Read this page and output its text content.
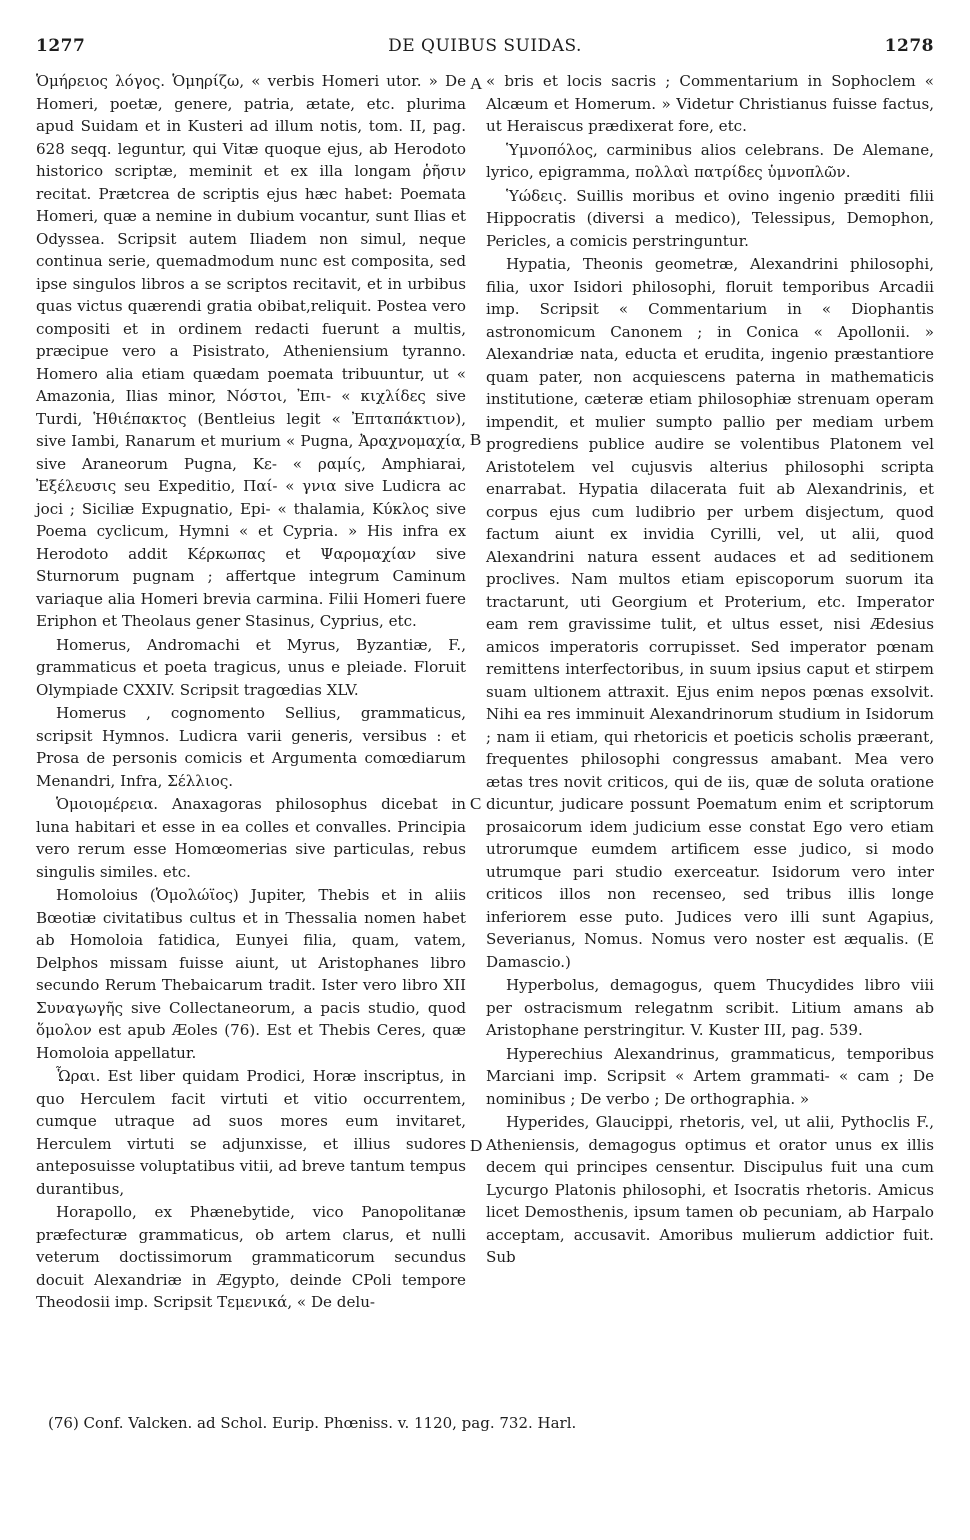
1277	DE QUIBUS SUIDAS.	1278

Ὁμήρειος λόγος. Ὁμηρίζω, « verbis Homeri utor. » De Homeri, poetæ, genere, patria, ætate, etc. plurima apud Suidam et in Kusteri ad illum notis, tom. II, pag. 628 seqq. leguntur, qui Vitæ quoque ejus, ab Herodoto historico scriptæ, meminit et ex illa longam ῥῆσιν recitat. Prætcrea de scriptis ejus hæc habet: Poemata Homeri, quæ a nemine in dubium vocantur, sunt Ilias et Odyssea. Scripsit autem Iliadem non simul, neque continua serie, quemadmodum nunc est composita, sed ipse singulos libros a se scriptos recitavit, et in urbibus quas victus quærendi gratia obibat,reliquit. Postea vero compositi et in ordinem redacti fuerunt a multis, præcipue vero a Pisistrato, Atheniensium tyranno. Homero alia etiam quædam poemata tribuuntur, ut « Amazonia, Ilias minor, Νόστοι, Ἐπι- « κιχλίδες sive Turdi, Ἡθιέπακτος (Bentleius legit « Ἐπταπάκτιον), sive Iambi, Ranarum et murium « Pugna, Ἀραχνομαχία, sive Araneorum Pugna, Κε- « ραμίς, Amphiarai, Ἐξέλευσις seu Expeditio, Παί- « γνια sive Ludicra ac joci ; Siciliæ Expugnatio, Epi- « thalamia, Κύκλος sive Poema cyclicum, Hymni « et Cypria. » His infra ex Herodoto addit Κέρκωπας et Ψαρομαχίαν sive Sturnorum pugnam ; affertque integrum Caminum variaque alia Homeri brevia carmina. Filii Homeri fuere Eriphon et Theolaus gener Stasinus, Cyprius, etc.

Homerus, Andromachi et Myrus, Byzantiæ, F., grammaticus et poeta tragicus, unus e pleiade. Floruit Olympiade CXXIV. Scripsit tragœdias XLV.

Homerus , cognomento Sellius, grammaticus, scripsit Hymnos. Ludicra varii generis, versibus : et Prosa de personis comicis et Argumenta comœdiarum Menandri, Infra, Σέλλιος.

Ὁμοιομέρεια. Anaxagoras philosophus dicebat in luna habitari et esse in ea colles et convalles. Principia vero rerum esse Homœomerias sive particulas, rebus singulis similes. etc.

Homoloius (Ὁμολώϊος) Jupiter, Thebis et in aliis Bœotiæ civitatibus cultus et in Thessalia nomen habet ab Homoloia fatidica, Eunyei filia, quam, vatem, Delphos missam fuisse aiunt, ut Aristophanes libro secundo Rerum Thebaicarum tradit. Ister vero libro XII Συναγωγῆς sive Collectaneorum, a pacis studio, quod ὅμολον est apub Æoles (76). Est et Thebis Ceres, quæ Homoloia appellatur.

Ὧραι. Est liber quidam Prodici, Horæ inscriptus, in quo Herculem facit virtuti et vitio occurrentem, cumque utraque ad suos mores eum invitaret, Herculem virtuti se adjunxisse, et illius sudores anteposuisse voluptatibus vitii, ad breve tantum tempus durantibus,

Horapollo, ex Phænebytide, vico Panopolitanæ præfecturæ grammaticus, ob artem clarus, et nulli veterum doctissimorum grammaticorum secundus docuit Alexandriæ in Ægypto, deinde CPoli tempore Theodosii imp. Scripsit Τεμενικά, « De delu-

A
B
C
D

« bris et locis sacris ; Commentarium in Sophoclem « Alcæum et Homerum. » Videtur Christianus fuisse factus, ut Heraiscus prædixerat fore, etc.

Ὑμνοπόλος, carminibus alios celebrans. De Alemane, lyrico, epigramma, πολλαὶ πατρίδες ὑμνοπλῶν.

Ὑώδεις. Suillis moribus et ovino ingenio præditi filii Hippocratis (diversi a medico), Telessipus, Demophon, Pericles, a comicis perstringuntur.

Hypatia, Theonis geometræ, Alexandrini philosophi, filia, uxor Isidori philosophi, floruit temporibus Arcadii imp. Scripsit « Commentarium in « Diophantis astronomicum Canonem ; in Conica « Apollonii. » Alexandriæ nata, educta et erudita, ingenio præstantiore quam pater, non acquiescens paterna in mathematicis institutione, cæteræ etiam philosophiæ strenuam operam impendit, et mulier sumpto pallio per mediam urbem progrediens publice audire se volentibus Platonem vel Aristotelem vel cujusvis alterius philosophi scripta enarrabat. Hypatia dilacerata fuit ab Alexandrinis, et corpus ejus cum ludibrio per urbem disjectum, quod factum aiunt ex invidia Cyrilli, vel, ut alii, quod Alexandrini natura essent audaces et ad seditionem proclives. Nam multos etiam episcoporum suorum ita tractarunt, uti Georgium et Proterium, etc. Imperator eam rem gravissime tulit, et ultus esset, nisi Ædesius amicos imperatoris corrupisset. Sed imperator pœnam remittens interfectoribus, in suum ipsius caput et stirpem suam ultionem attraxit. Ejus enim nepos pœnas exsolvit. Nihi ea res imminuit Alexandrinorum studium in Isidorum ; nam ii etiam, qui rhetoricis et poeticis scholis præerant, frequentes philosophi congressus amabant. Mea vero ætas tres novit criticos, qui de iis, quæ de soluta oratione dicuntur, judicare possunt Poematum enim et scriptorum prosaicorum idem judicium esse constat Ego vero etiam utrorumque eumdem artificem esse judico, si modo utrumque pari studio exerceatur. Isidorum vero inter criticos illos non recenseo, sed tribus illis longe inferiorem esse puto. Judices vero illi sunt Agapius, Severianus, Nomus. Nomus vero noster est æqualis. (E Damascio.)

Hyperbolus, demagogus, quem Thucydides libro viii per ostracismum relegatnm scribit. Litium amans ab Aristophane perstringitur. V. Kuster III, pag. 539.

Hyperechius Alexandrinus, grammaticus, temporibus Marciani imp. Scripsit « Artem grammati- « cam ; De nominibus ; De verbo ; De orthographia. »

Hyperides, Glaucippi, rhetoris, vel, ut alii, Pythoclis F., Atheniensis, demagogus optimus et orator unus ex illis decem qui principes censentur. Discipulus fuit una cum Lycurgo Platonis philosophi, et Isocratis rhetoris. Amicus licet Demosthenis, ipsum tamen ob pecuniam, ab Harpalo acceptam, accusavit. Amoribus mulierum addictior fuit. Sub

(76) Conf. Valcken. ad Schol. Eurip. Phœniss. v. 1120, pag. 732. Harl.
